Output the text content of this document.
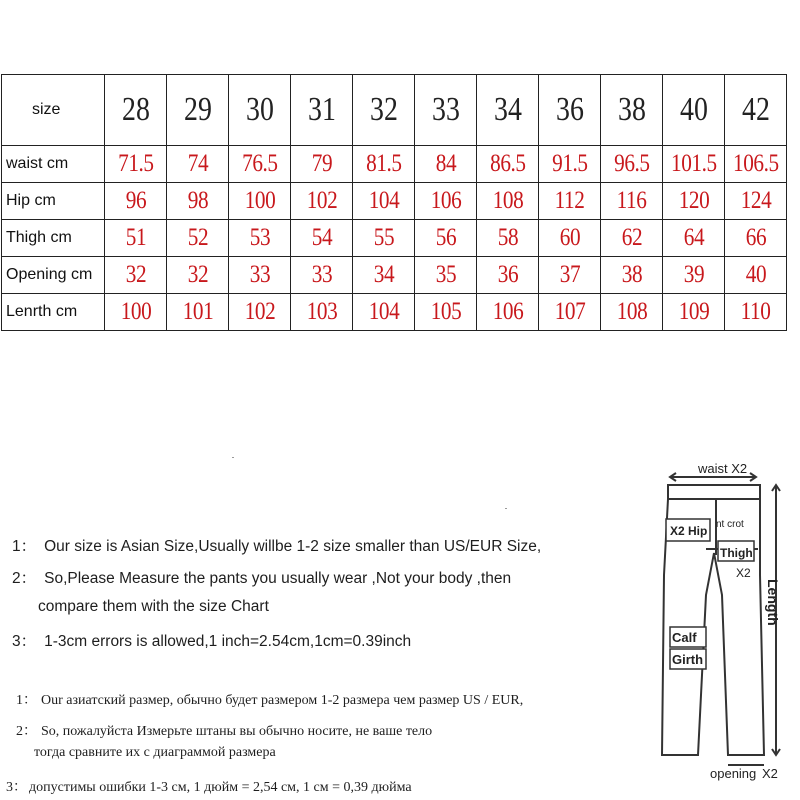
size	28	29	30	31	32	33	34	36	38	40	42
waist cm	71.5	74	76.5	79	81.5	84	86.5	91.5	96.5	101.5	106.5
Hip cm	96	98	100	102	104	106	108	112	116	120	124
Thigh cm	51	52	53	54	55	56	58	60	62	64	66
Opening cm	32	32	33	33	34	35	36	37	38	39	40
Lenrth cm	100	101	102	103	104	105	106	107	108	109	110
1： Our size is Asian Size,Usually willbe 1-2 size smaller than US/EUR Size,
2： So,Please Measure the pants you usually wear ,Not your body ,then
compare them with the size Chart
3： 1-3cm errors is allowed,1 inch=2.54cm,1cm=0.39inch
1： Our азиатский размер, обычно будет размером 1-2 размера чем размер US / EUR,
2： So, пожалуйста Измерьте штаны вы обычно носите, не ваше тело
тогда сравните их с диаграммой размера
3： допустимы ошибки 1-3 см, 1 дюйм = 2,54 см, 1 см = 0,39 дюйма
waist X2
X2 Hip nt crot
Thigh
X2
Calf
Girth
Length
opening X2
